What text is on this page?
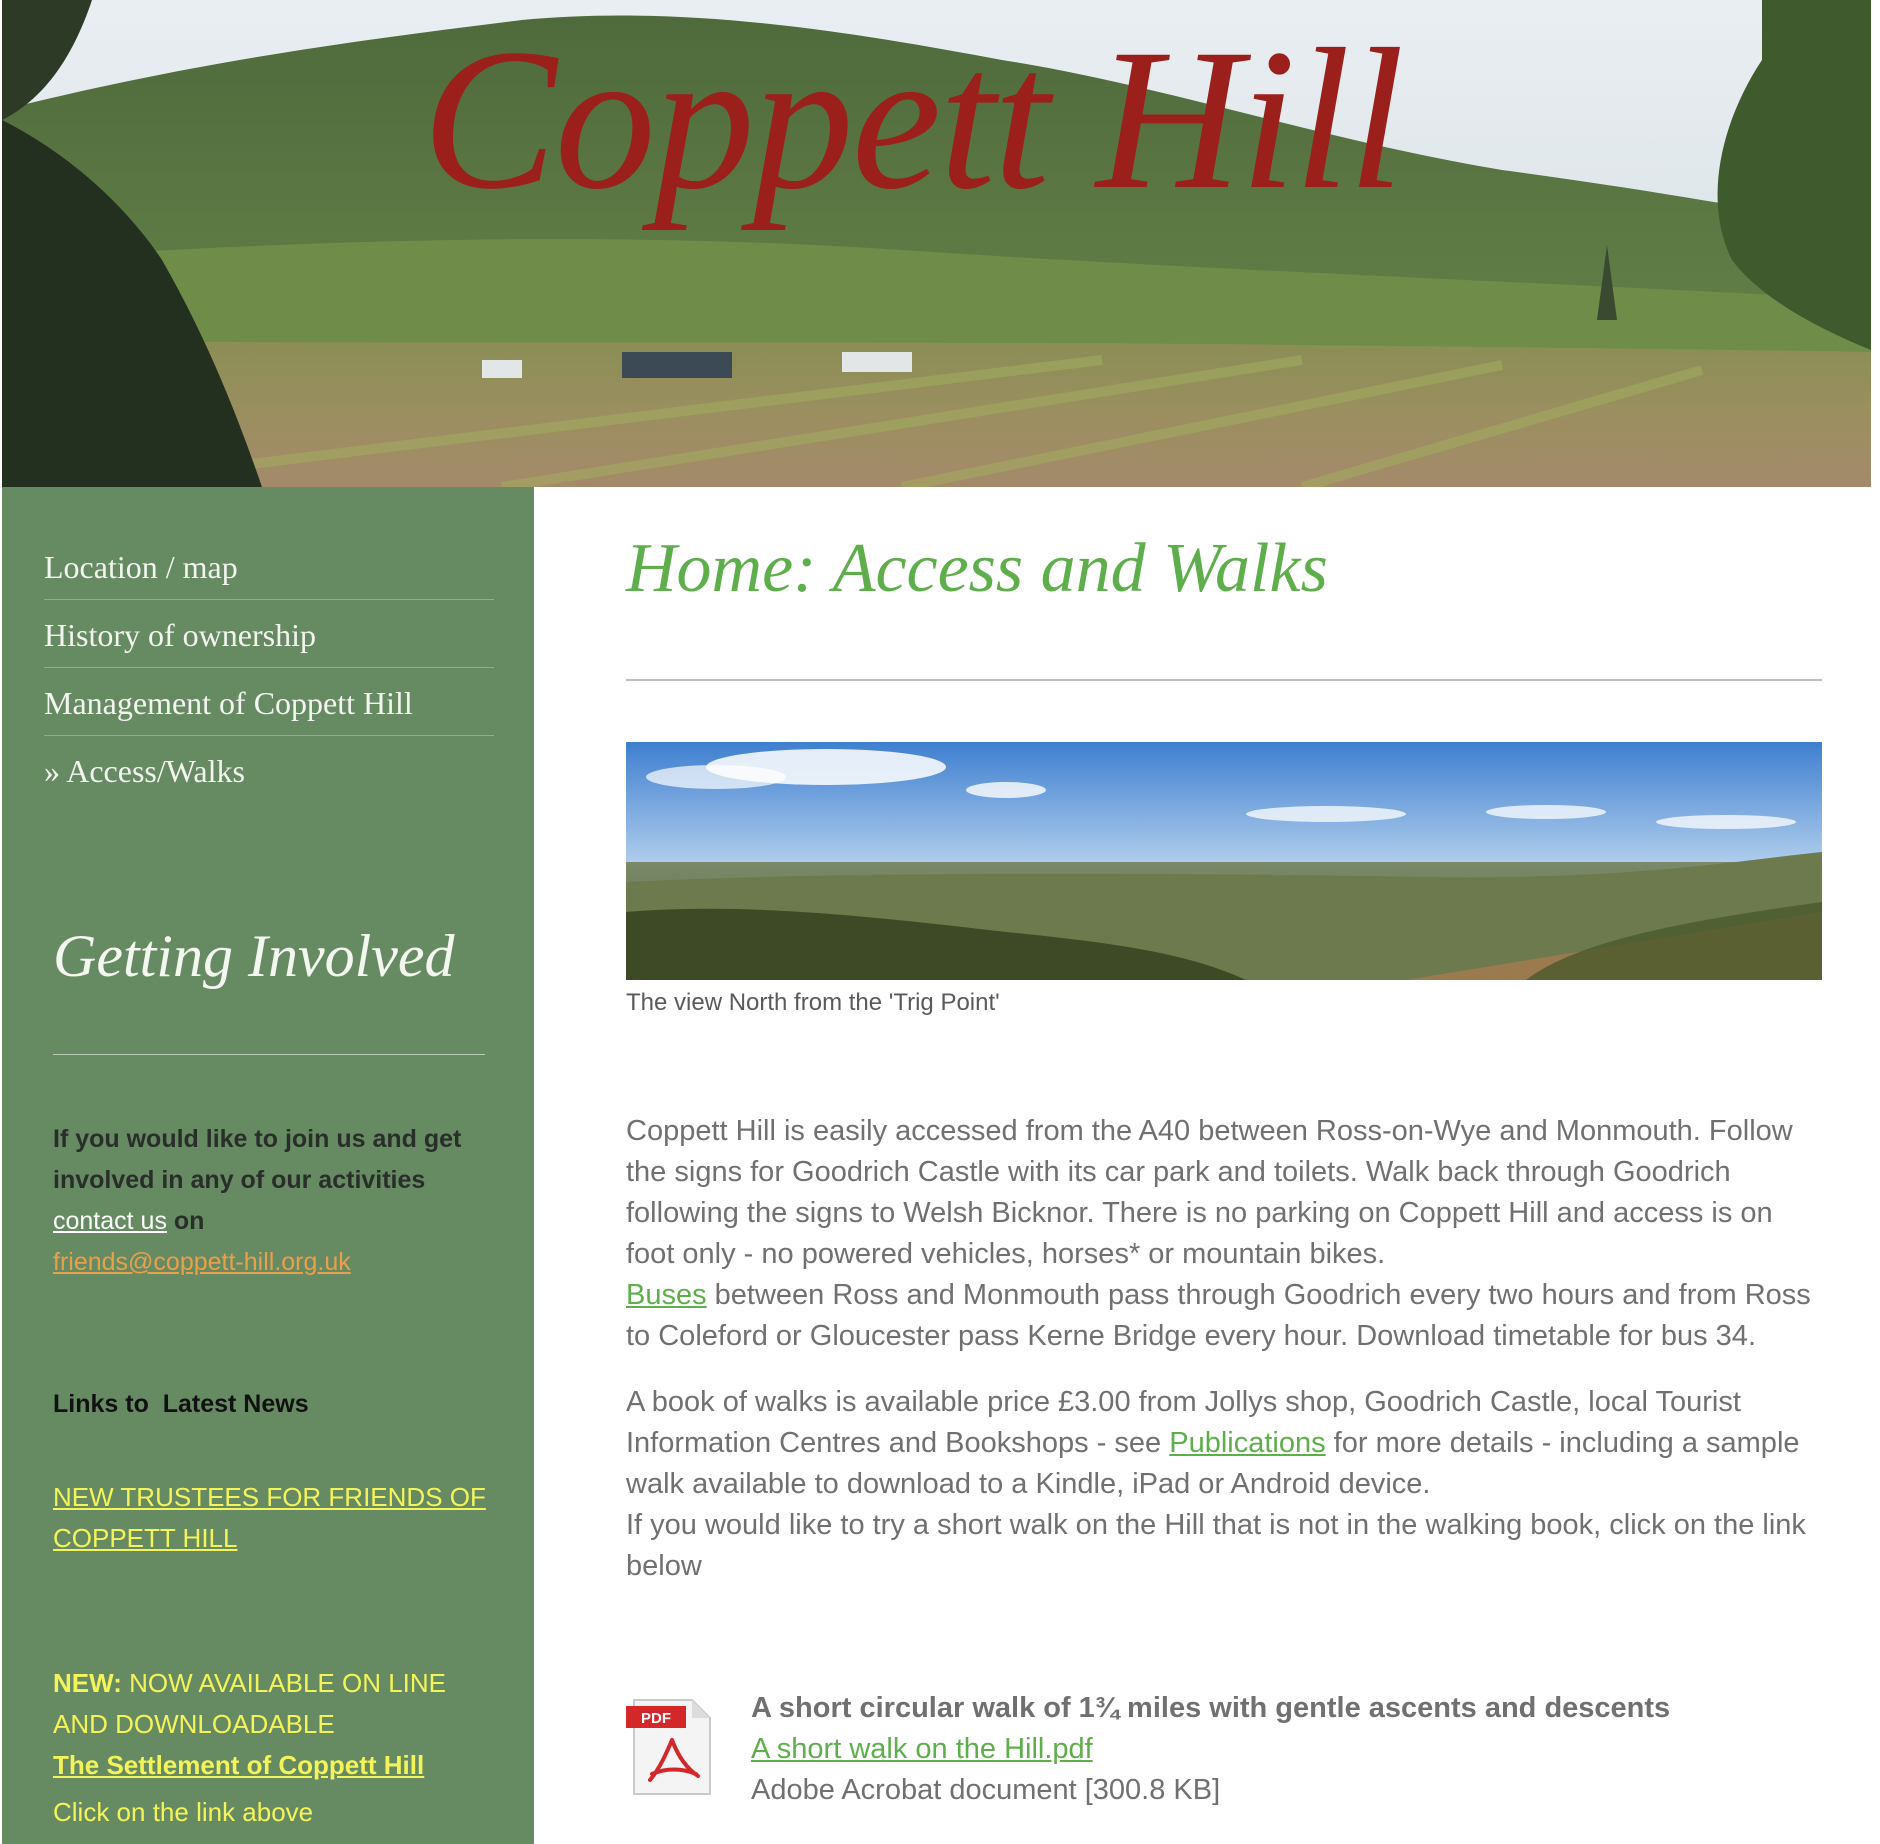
Coppett Hill
Location / map
History of ownership
Management of Coppett Hill
» Access/Walks
Getting Involved
If you would like to join us and get involved in any of our activities contact us on
friends@coppett-hill.org.uk
Links to  Latest News
NEW TRUSTEES FOR FRIENDS OF COPPETT HILL
NEW: NOW AVAILABLE ON LINE AND DOWNLOADABLE
The Settlement of Coppett Hill
Click on the link above
Home: Access and Walks
The view North from the 'Trig Point'

Coppett Hill is easily accessed from the A40 between Ross-on-Wye and Monmouth. Follow the signs for Goodrich Castle with its car park and toilets. Walk back through Goodrich following the signs to Welsh Bicknor. There is no parking on Coppett Hill and access is on foot only - no powered vehicles, horses* or mountain bikes.
Buses between Ross and Monmouth pass through Goodrich every two hours and from Ross to Coleford or Gloucester pass Kerne Bridge every hour. Download timetable for bus 34.

A book of walks is available price £3.00 from Jollys shop, Goodrich Castle, local Tourist Information Centres and Bookshops - see Publications for more details - including a sample walk available to download to a Kindle, iPad or Android device.
If you would like to try a short walk on the Hill that is not in the walking book, click on the link below

PDF	A short circular walk of 1¾ miles with gentle ascents and descents
A short walk on the Hill.pdf
Adobe Acrobat document [300.8 KB]
